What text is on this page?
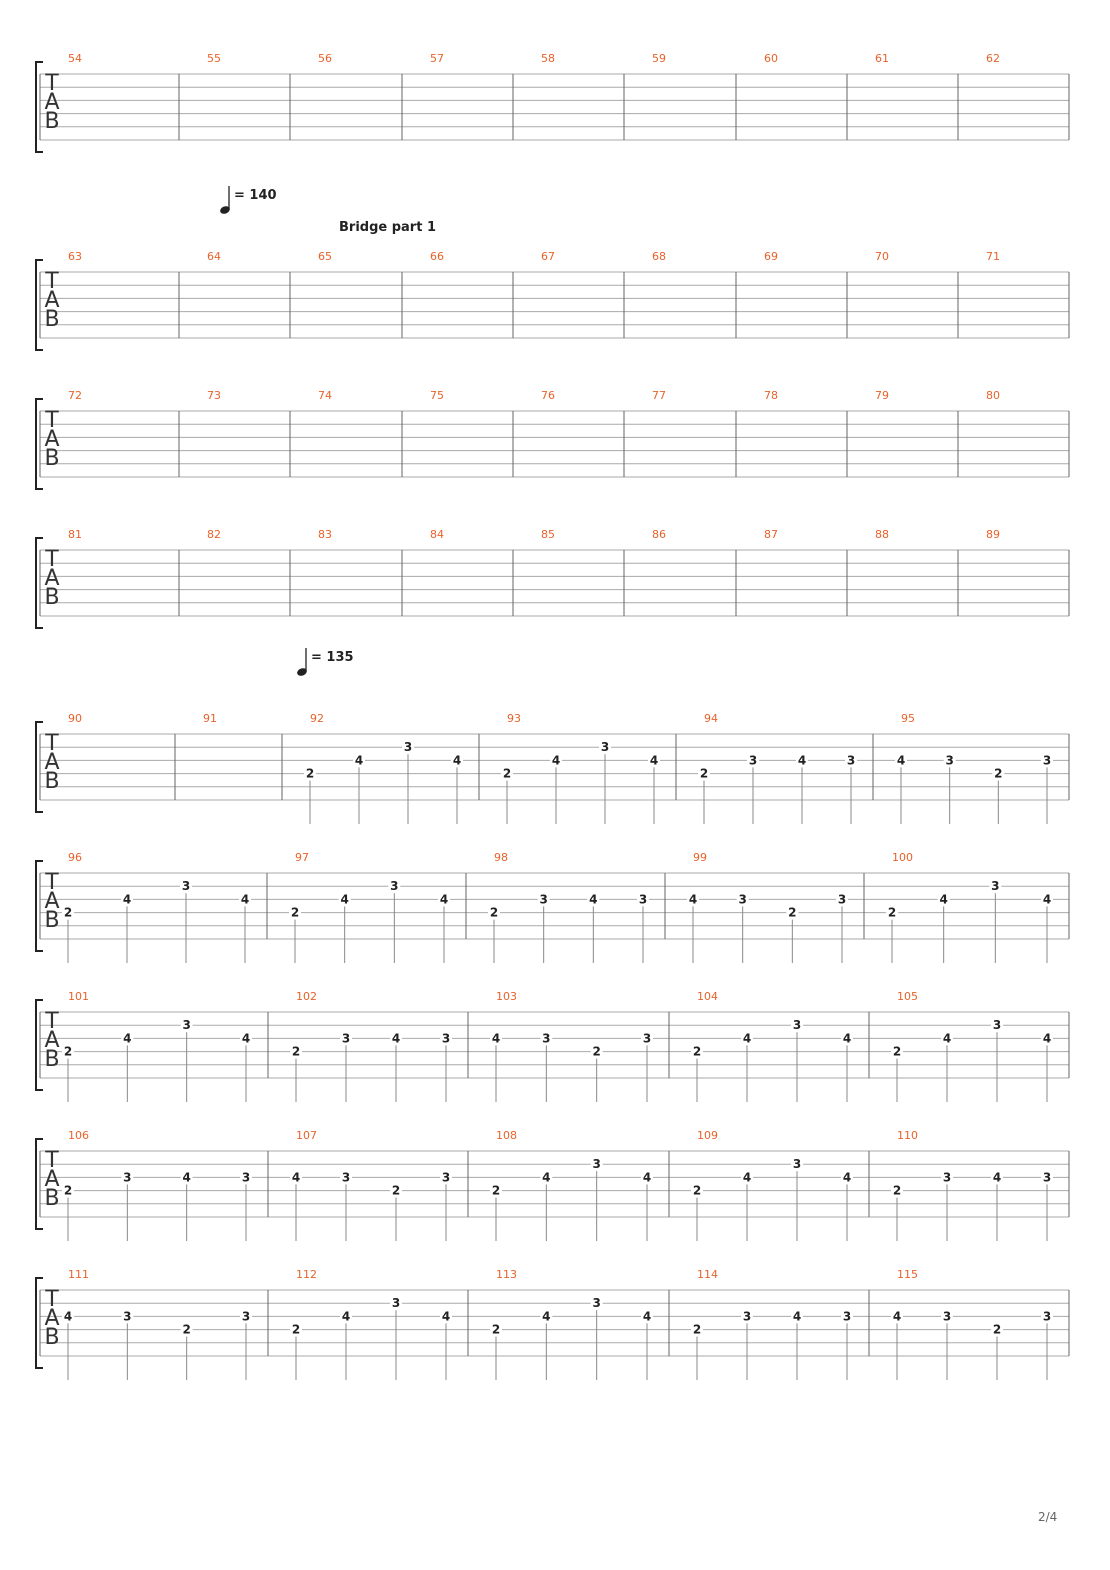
T
A
B
54	55	56	57	58	59	60	61	62
T
A
B
63	64	65	66	67	68	69	70	71
= 140
Bridge part 1
T
A
B
72	73	74	75	76	77	78	79	80
T
A
B
81	82	83	84	85	86	87	88	89
T
A
B
90	91	92
2
4
3
4
93
2
4
3
4
94
2
3	4	3
95
4	3
2
3
= 135
T
A
B
96
2
4
3
4
97
2
4
3
4
98
2
3	4	3
99
4	3
2
3
100
2
4
3
4
T
A
B
101
2
4
3
4
102
2
3	4	3
103
4	3
2
3
104
2
4
3
4
105
2
4
3
4
T
A
B
106
2
3	4	3
107
4	3
2
3
108
2
4
3
4
109
2
4
3
4
110
2
3	4	3
T
A
B
111
4	3
2
3
112
2
4
3
4
113
2
4
3
4
114
2
3	4	3
115
4	3
2
3
2/4
